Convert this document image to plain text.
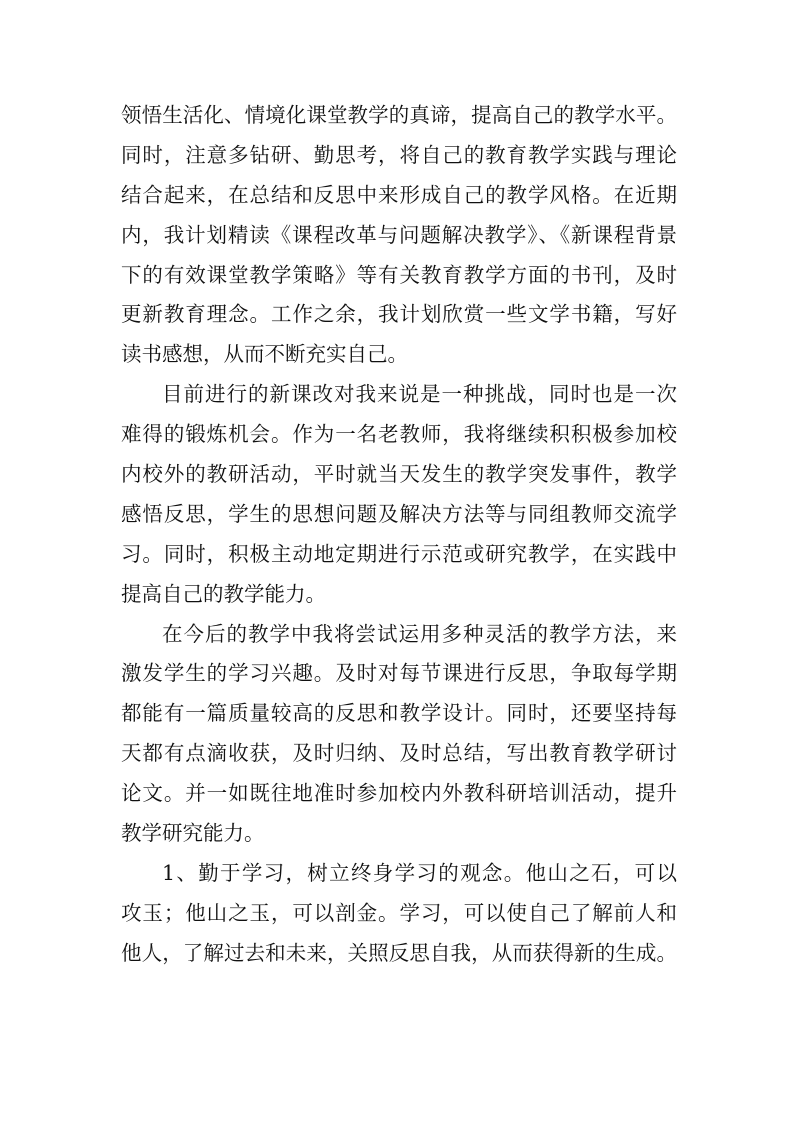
领悟生活化、情境化课堂教学的真谛，提高自己的教学水平。
同时，注意多钻研、勤思考，将自己的教育教学实践与理论
结合起来，在总结和反思中来形成自己的教学风格。在近期
内，我计划精读《课程改革与问题解决教学》、《新课程背景
下的有效课堂教学策略》等有关教育教学方面的书刊，及时
更新教育理念。工作之余，我计划欣赏一些文学书籍，写好
读书感想，从而不断充实自己。
目前进行的新课改对我来说是一种挑战，同时也是一次
难得的锻炼机会。作为一名老教师，我将继续积积极参加校
内校外的教研活动，平时就当天发生的教学突发事件，教学
感悟反思，学生的思想问题及解决方法等与同组教师交流学
习。同时，积极主动地定期进行示范或研究教学，在实践中
提高自己的教学能力。
在今后的教学中我将尝试运用多种灵活的教学方法，来
激发学生的学习兴趣。及时对每节课进行反思，争取每学期
都能有一篇质量较高的反思和教学设计。同时，还要坚持每
天都有点滴收获，及时归纳、及时总结，写出教育教学研讨
论文。并一如既往地准时参加校内外教科研培训活动，提升
教学研究能力。
1、勤于学习，树立终身学习的观念。他山之石，可以
攻玉；他山之玉，可以剖金。学习，可以使自己了解前人和
他人，了解过去和未来，关照反思自我，从而获得新的生成。
